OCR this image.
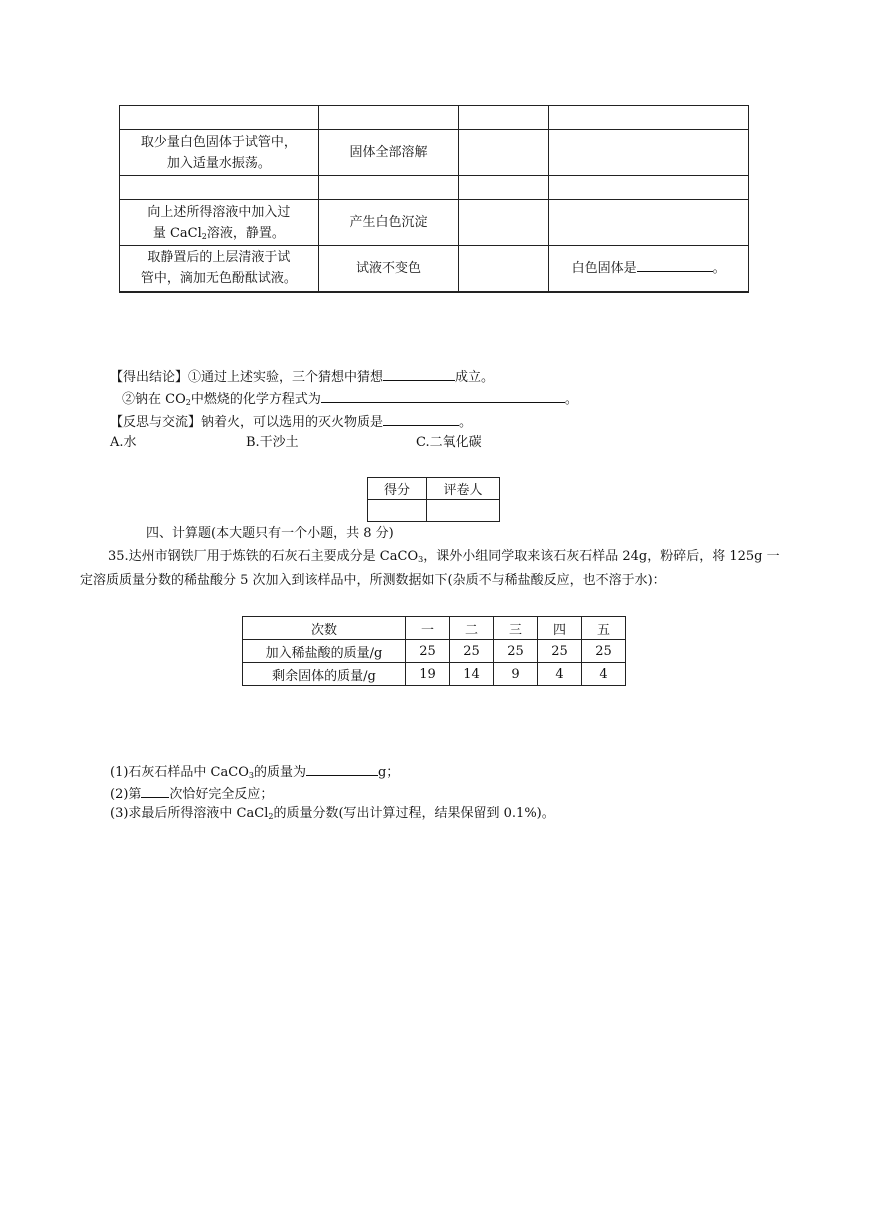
取少量白色固体于试管中，
加入适量水振荡。	固体全部溶解		

向上述所得溶液中加入过
量 CaCl$_2$溶液，静置。	产生白色沉淀		
取静置后的上层清液于试
管中，滴加无色酚酞试液。	试液不变色		白色固体是 。
【得出结论】①通过上述实验，三个猜想中猜想	成立。
②钠在 $CO_2$中燃烧的化学方程式为	。
【反思与交流】钠着火，可以选用的灭火物质是	。
A.水	B.干沙土	C.二氧化碳
得分	评卷人

四、计算题(本大题只有一个小题，共 8 分)
35.达州市钢铁厂用于炼铁的石灰石主要成分是 CaCO$_3$，课外小组同学取来该石灰石样品 24g，粉碎后，将 125g 一定溶质质量分数的稀盐酸分 5 次加入到该样品中，所测数据如下(杂质不与稀盐酸反应，也不溶于水)：
次数	一	二	三	四	五
加入稀盐酸的质量/g	25	25	25	25	25
剩余固体的质量/g	19	14	9	4	4
(1)石灰石样品中 CaCO$_3$的质量为	g；
(2)第 次恰好完全反应；
(3)求最后所得溶液中 CaCl$_2$的质量分数(写出计算过程，结果保留到 0.1%)。
